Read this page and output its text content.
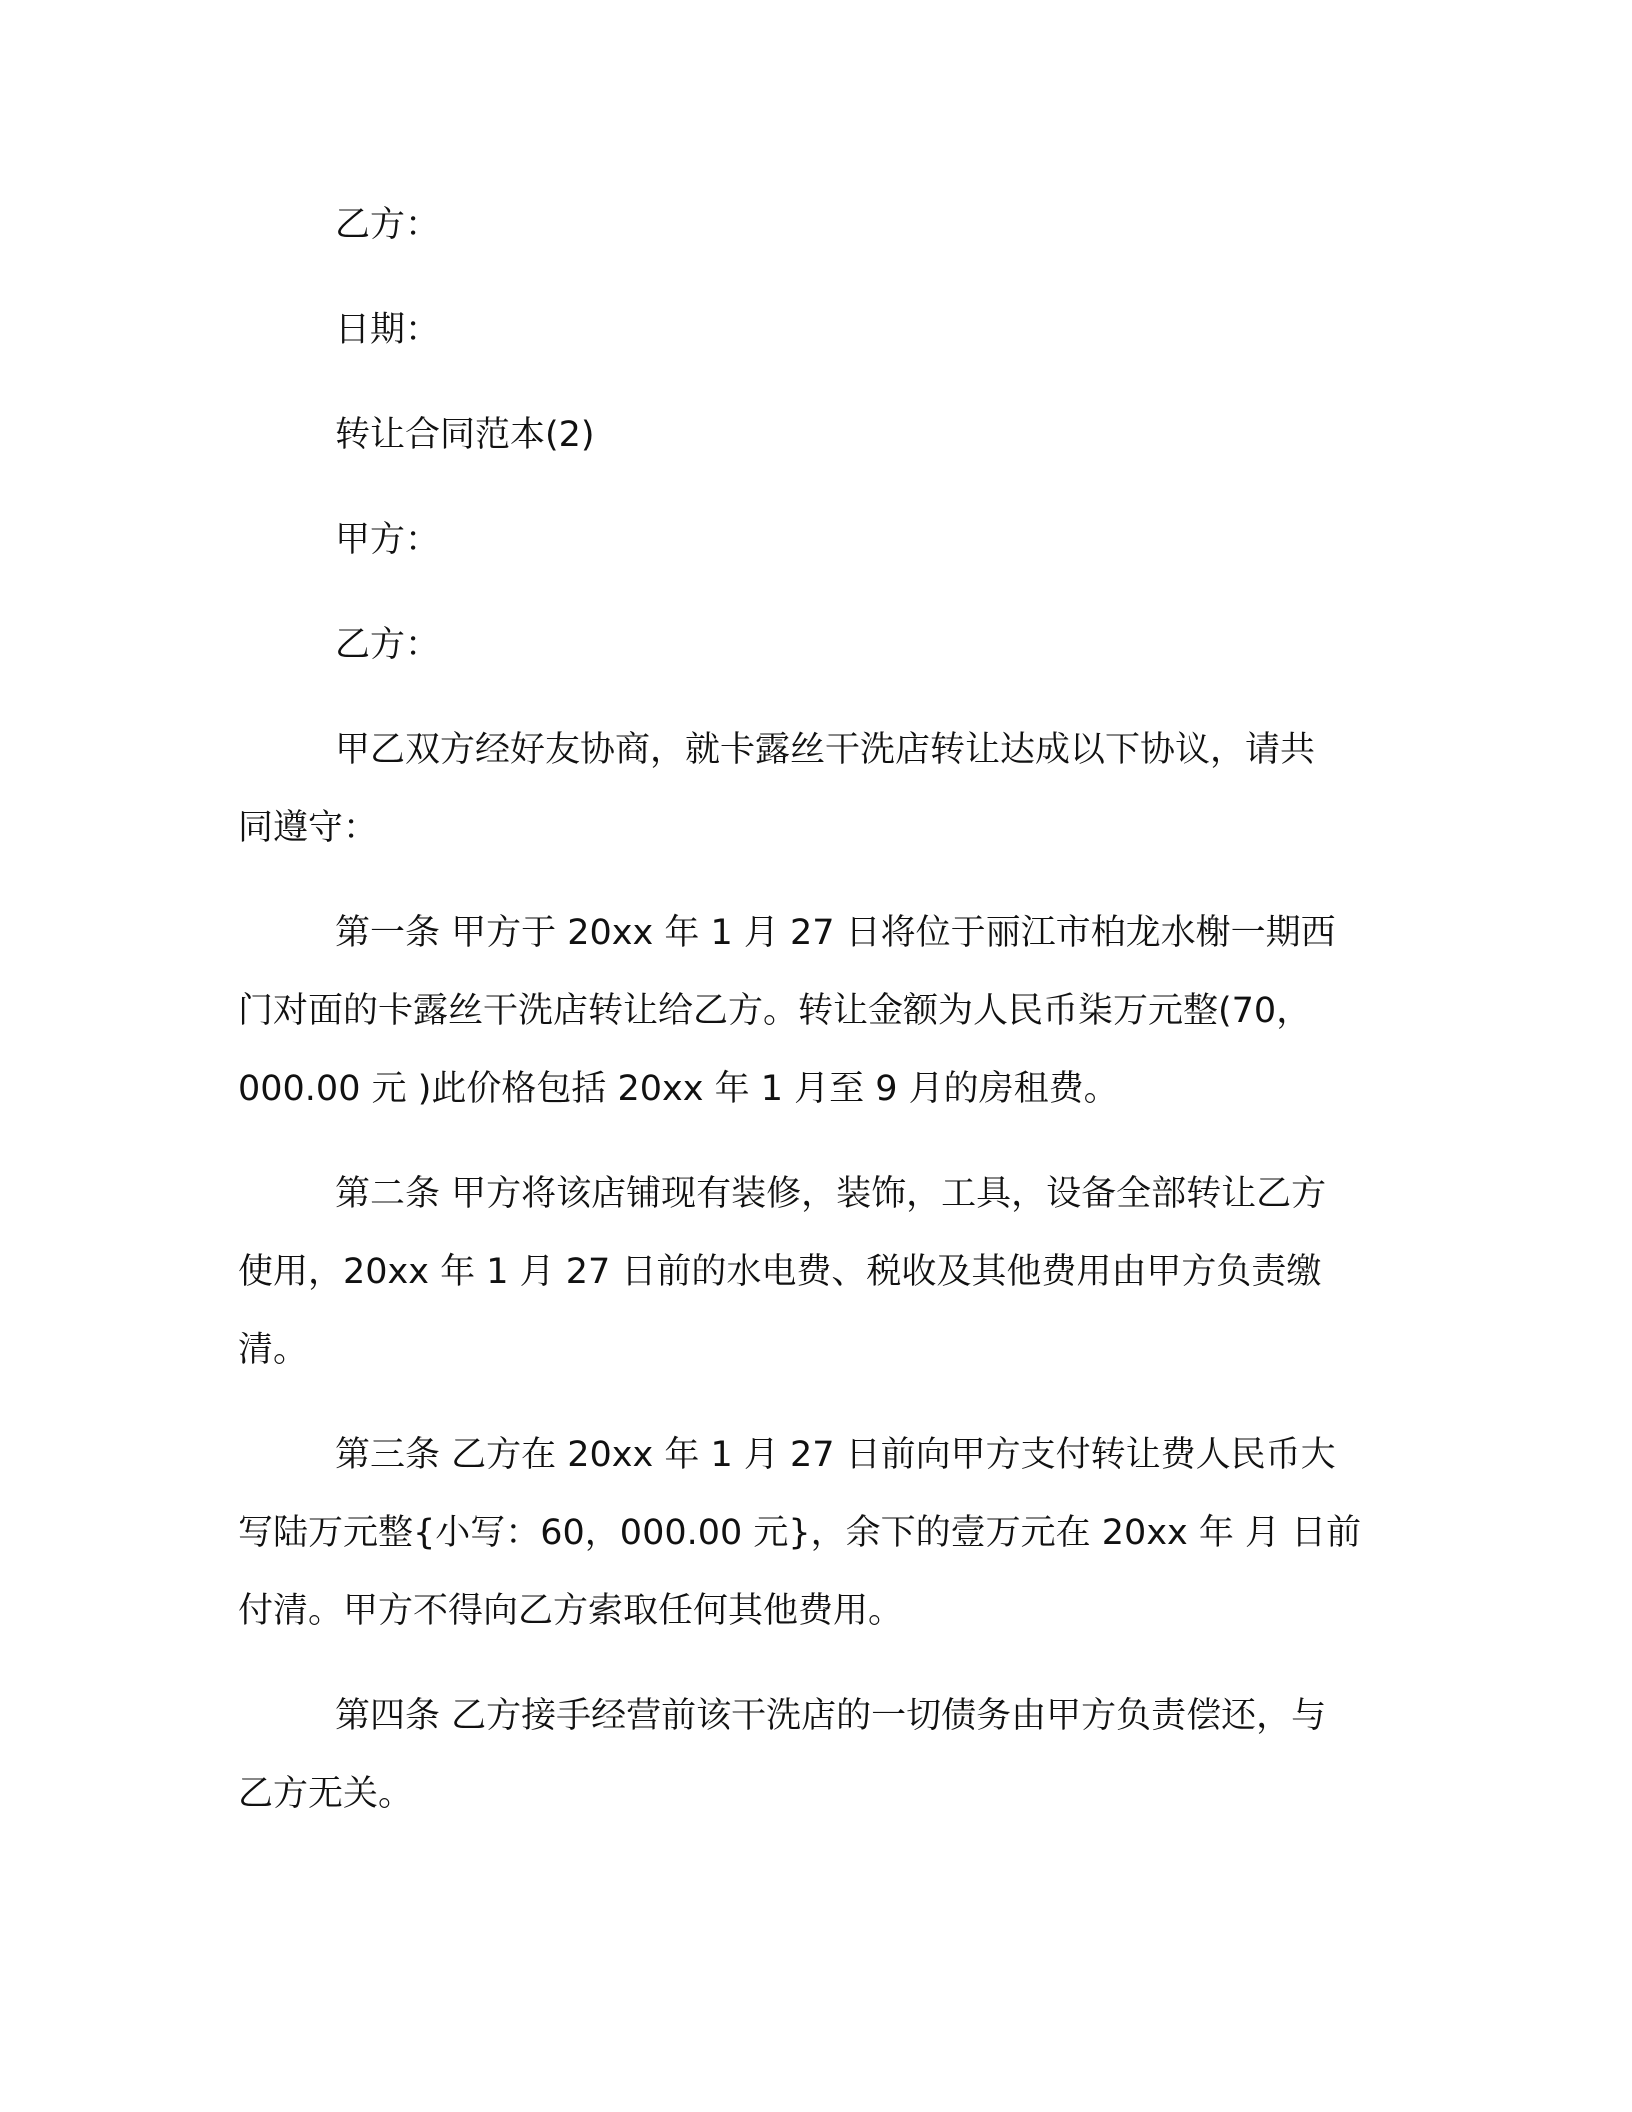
乙方：
日期：
转让合同范本(2)
甲方：
乙方：
甲乙双方经好友协商，就卡露丝干洗店转让达成以下协议，请共
同遵守：
第一条 甲方于 20xx 年 1 月 27 日将位于丽江市柏龙水榭一期西
门对面的卡露丝干洗店转让给乙方。转让金额为人民币柒万元整(70，
000.00 元 )此价格包括 20xx 年 1 月至 9 月的房租费。
第二条 甲方将该店铺现有装修，装饰，工具，设备全部转让乙方
使用，20xx 年 1 月 27 日前的水电费、税收及其他费用由甲方负责缴
清。
第三条 乙方在 20xx 年 1 月 27 日前向甲方支付转让费人民币大
写陆万元整{小写：60，000.00 元}，余下的壹万元在 20xx 年 月 日前
付清。甲方不得向乙方索取任何其他费用。
第四条 乙方接手经营前该干洗店的一切债务由甲方负责偿还，与
乙方无关。
